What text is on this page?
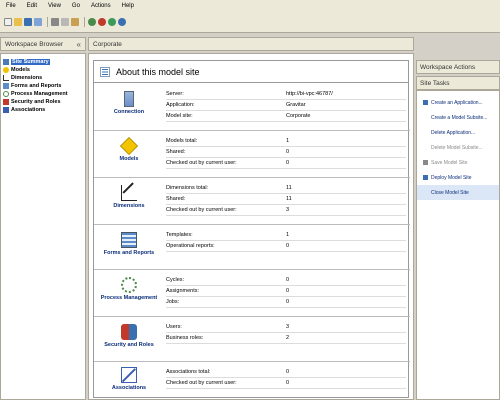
File Edit View Go Actions Help
Workspace Browser «
Site Summary
Models
Dimensions
Forms and Reports
Process Management
Security and Roles
Associations
Corporate
About this model site
Connection
Server:	http://bi-vpc:46787/
Application:	Gravitar
Model site:	Corporate
Models
Models total:	1
Shared:	0
Checked out by current user:	0
Dimensions
Dimensions total:	11
Shared:	11
Checked out by current user:	3
Forms and Reports
Templates:	1
Operational reports:	0
Process Management
Cycles:	0
Assignments:	0
Jobs:	0
Security and Roles
Users:	3
Business roles:	2
Associations
Associations total:	0
Checked out by current user:	0
Workspace Actions
Site Tasks
Create an Application...
Create a Model Subsite...
Delete Application...
Delete Model Subsite...
Save Model Site
Deploy Model Site
Close Model Site
